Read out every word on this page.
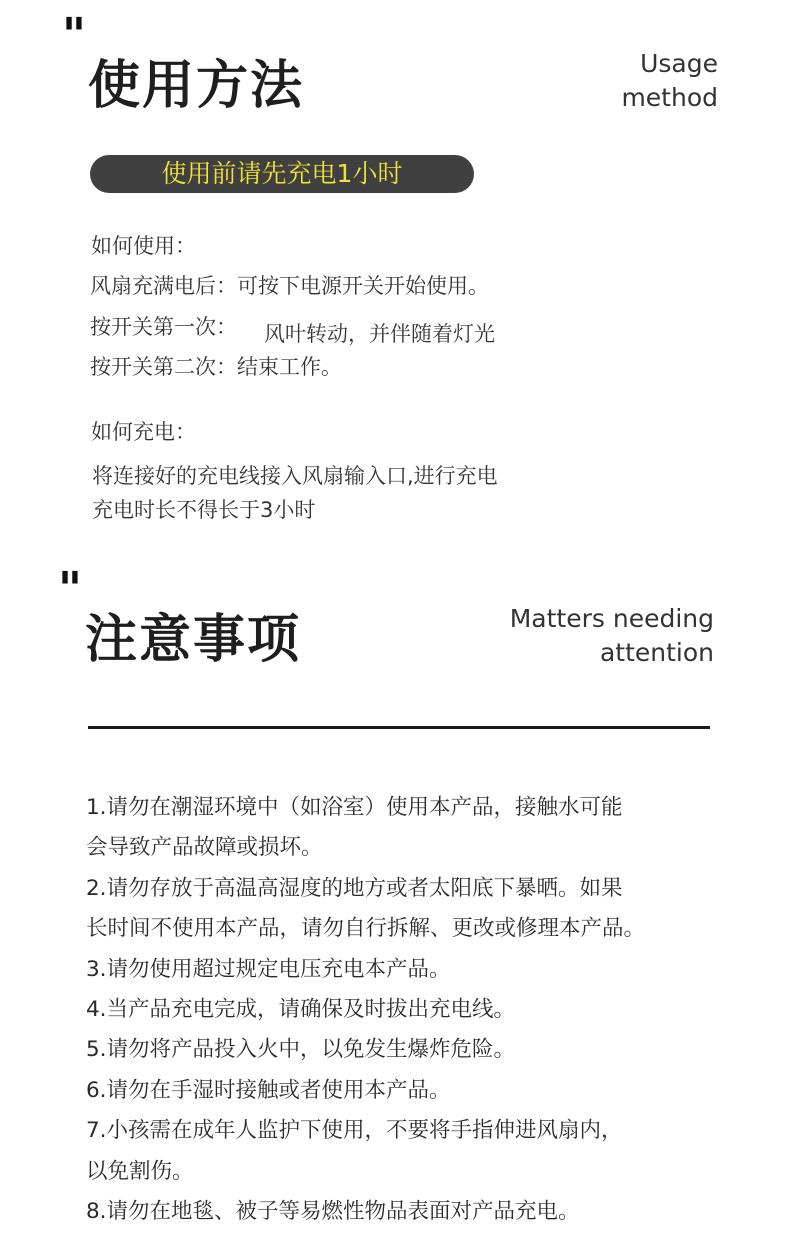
"
使用方法	Usage
method
使用前请先充电1小时
如何使用：
风扇充满电后：可按下电源开关开始使用。
按开关第一次： 风叶转动，并伴随着灯光
按开关第二次：结束工作。
如何充电：
将连接好的充电线接入风扇输入口,进行充电
充电时长不得长于3小时
"
注意事项	Matters needing
attention
1.请勿在潮湿环境中（如浴室）使用本产品，接触水可能
会导致产品故障或损坏。
2.请勿存放于高温高湿度的地方或者太阳底下暴晒。如果
长时间不使用本产品，请勿自行拆解、更改或修理本产品。
3.请勿使用超过规定电压充电本产品。
4.当产品充电完成，请确保及时拔出充电线。
5.请勿将产品投入火中，以免发生爆炸危险。
6.请勿在手湿时接触或者使用本产品。
7.小孩需在成年人监护下使用，不要将手指伸进风扇内，
以免割伤。
8.请勿在地毯、被子等易燃性物品表面对产品充电。
